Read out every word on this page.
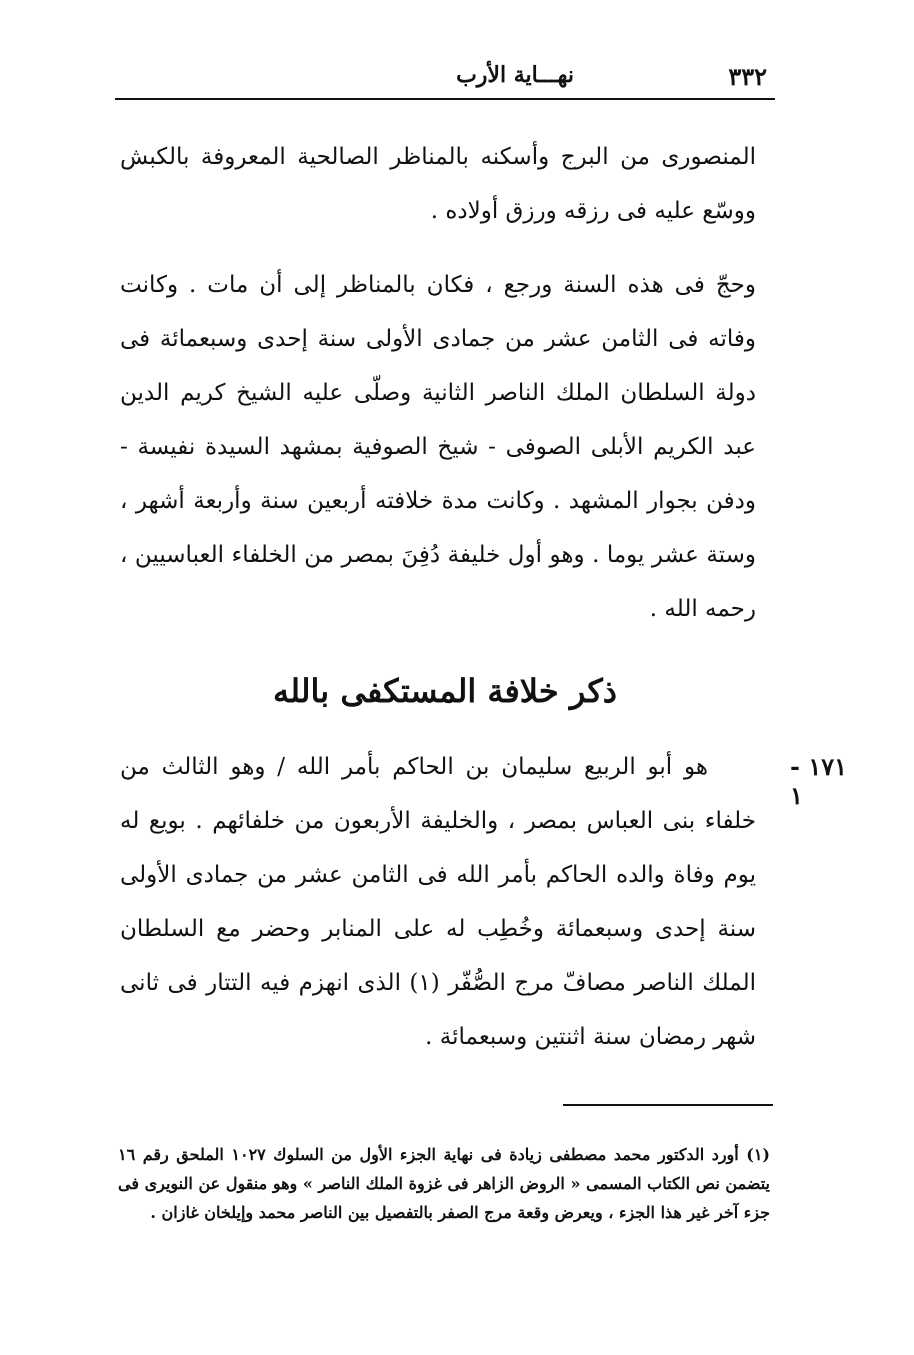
٣٣٢
نهـــاية الأرب
المنصورى من البرج وأسكنه بالمناظر الصالحية المعروفة بالكبش ووسّع عليه فى رزقه ورزق أولاده .
وحجّ فى هذه السنة ورجع ، فكان بالمناظر إلى أن مات . وكانت وفاته فى الثامن عشر من جمادى الأولى سنة إحدى وسبعمائة فى دولة السلطان الملك الناصر الثانية وصلّى عليه الشيخ كريم الدين عبد الكريم الأبلى الصوفى - شيخ الصوفية بمشهد السيدة نفيسة - ودفن بجوار المشهد . وكانت مدة خلافته أربعين سنة وأربعة أشهر ، وستة عشر يوما . وهو أول خليفة دُفِنَ بمصر من الخلفاء العباسيين ، رحمه الله .
ذكر خلافة المستكفى بالله
١٧١ - ١
هو أبو الربيع سليمان بن الحاكم بأمر الله / وهو الثالث من خلفاء بنى العباس بمصر ، والخليفة الأربعون من خلفائهم . بويع له يوم وفاة والده الحاكم بأمر الله فى الثامن عشر من جمادى الأولى سنة إحدى وسبعمائة وخُطِب له على المنابر وحضر مع السلطان الملك الناصر مصافّ مرج الصُّفّر (١) الذى انهزم فيه التتار فى ثانى شهر رمضان سنة اثنتين وسبعمائة .
(١) أورد الدكتور محمد مصطفى زيادة فى نهاية الجزء الأول من السلوك ١٠٢٧ الملحق رقم ١٦ يتضمن نص الكتاب المسمى « الروض الزاهر فى غزوة الملك الناصر » وهو منقول عن النويرى فى جزء آخر غير هذا الجزء ، ويعرض وقعة مرج الصفر بالتفصيل بين الناصر محمد وإيلخان غازان .
